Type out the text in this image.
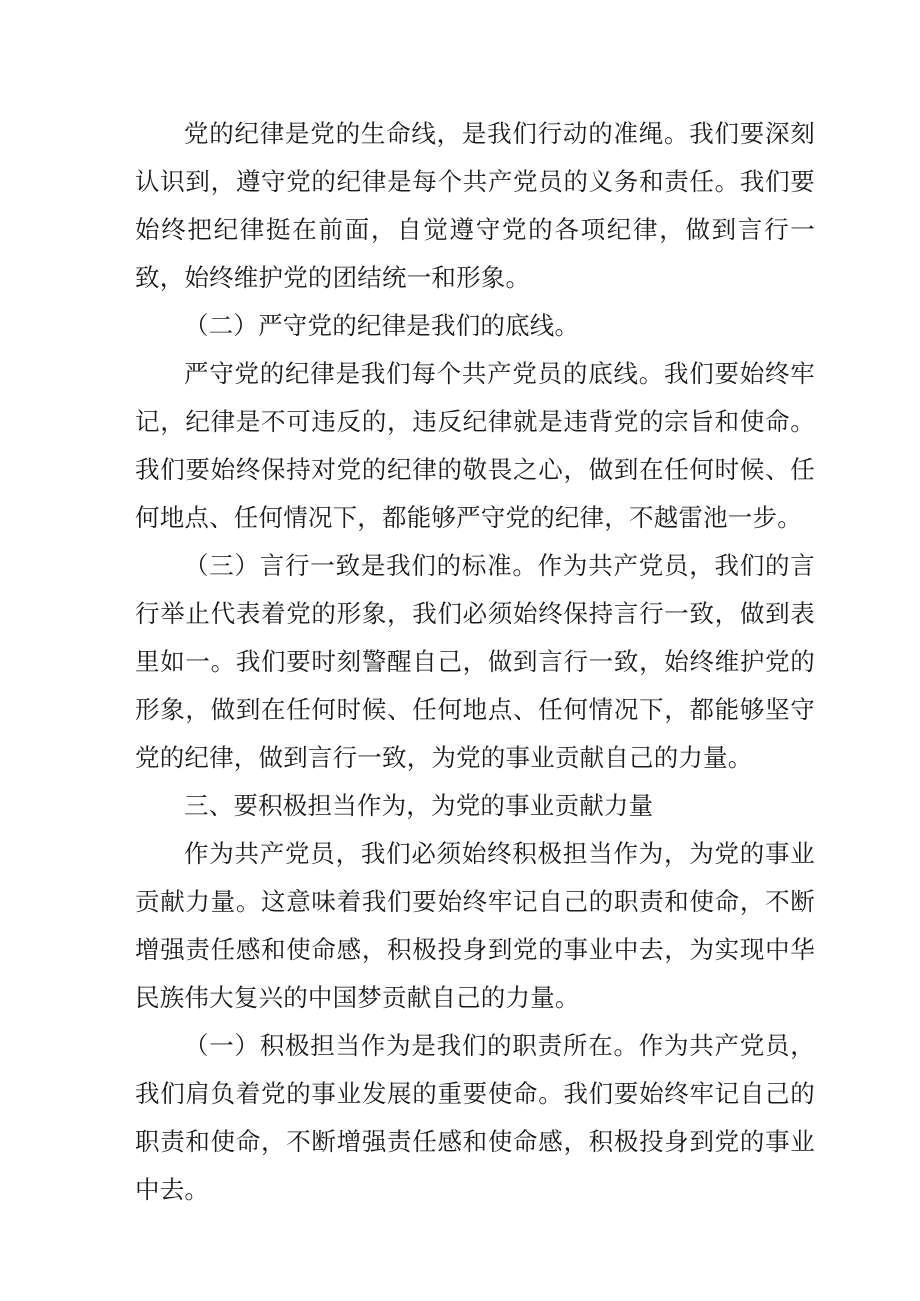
党的纪律是党的生命线，是我们行动的准绳。我们要深刻认识到，遵守党的纪律是每个共产党员的义务和责任。我们要始终把纪律挺在前面，自觉遵守党的各项纪律，做到言行一致，始终维护党的团结统一和形象。

（二）严守党的纪律是我们的底线。

严守党的纪律是我们每个共产党员的底线。我们要始终牢记，纪律是不可违反的，违反纪律就是违背党的宗旨和使命。我们要始终保持对党的纪律的敬畏之心，做到在任何时候、任何地点、任何情况下，都能够严守党的纪律，不越雷池一步。

（三）言行一致是我们的标准。作为共产党员，我们的言行举止代表着党的形象，我们必须始终保持言行一致，做到表里如一。我们要时刻警醒自己，做到言行一致，始终维护党的形象，做到在任何时候、任何地点、任何情况下，都能够坚守党的纪律，做到言行一致，为党的事业贡献自己的力量。

三、要积极担当作为，为党的事业贡献力量

作为共产党员，我们必须始终积极担当作为，为党的事业贡献力量。这意味着我们要始终牢记自己的职责和使命，不断增强责任感和使命感，积极投身到党的事业中去，为实现中华民族伟大复兴的中国梦贡献自己的力量。

（一）积极担当作为是我们的职责所在。作为共产党员，我们肩负着党的事业发展的重要使命。我们要始终牢记自己的职责和使命，不断增强责任感和使命感，积极投身到党的事业中去。
